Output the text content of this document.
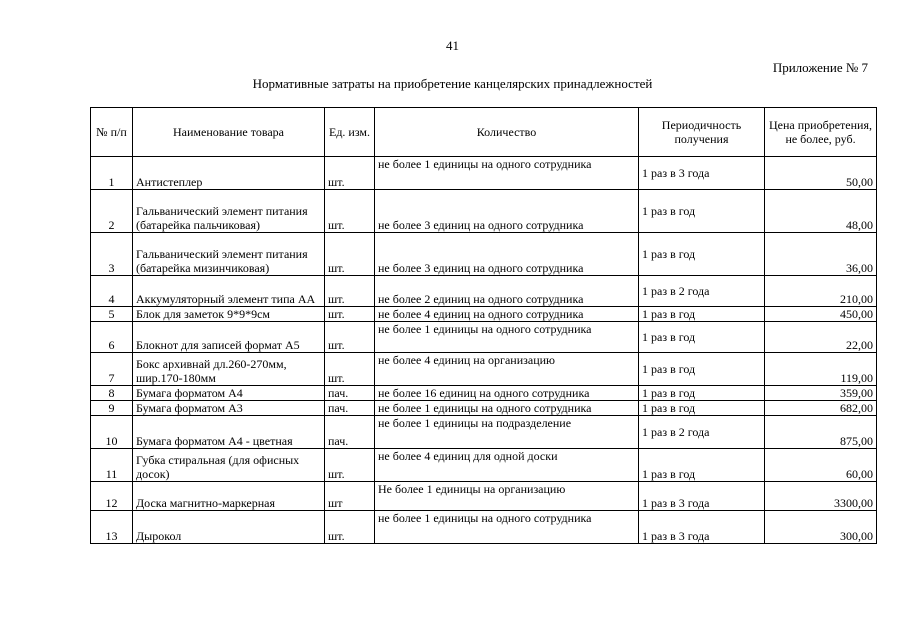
41
Приложение № 7
Нормативные затраты на приобретение канцелярских принадлежностей
№ п/п	Наименование товара	Ед. изм.	Количество	Периодичность получения	Цена приобретения, не более, руб.
1	Антистеплер	шт.	не более 1 единицы на одного сотрудника	1 раз в 3 года	50,00
2	Гальванический элемент питания (батарейка пальчиковая)	шт.	не более 3 единиц на одного сотрудника	1 раз в год	48,00
3	Гальванический элемент питания (батарейка мизинчиковая)	шт.	не более 3 единиц на одного сотрудника	1 раз в год	36,00
4	Аккумуляторный элемент типа АА	шт.	не более 2 единиц на одного сотрудника	1 раз в 2 года	210,00
5	Блок для заметок 9*9*9см	шт.	не более 4 единиц на одного сотрудника	1 раз в год	450,00
6	Блокнот для записей формат А5	шт.	не более 1 единицы на одного сотрудника	1 раз в год	22,00
7	Бокс архивнай дл.260-270мм, шир.170-180мм	шт.	не более 4 единиц на организацию	1 раз в год	119,00
8	Бумага форматом А4	пач.	не более 16 единиц на одного сотрудника	1 раз в год	359,00
9	Бумага форматом А3	пач.	не более 1 единицы на одного сотрудника	1 раз в год	682,00
10	Бумага форматом А4 - цветная	пач.	не более 1 единицы на подразделение	1 раз в 2 года	875,00
11	Губка стиральная (для офисных досок)	шт.	не более 4 единиц для одной доски	1 раз в год	60,00
12	Доска магнитно-маркерная	шт	Не более 1 единицы на организацию	1 раз в 3 года	3300,00
13	Дырокол	шт.	не более 1 единицы на одного сотрудника	1 раз в 3 года	300,00
